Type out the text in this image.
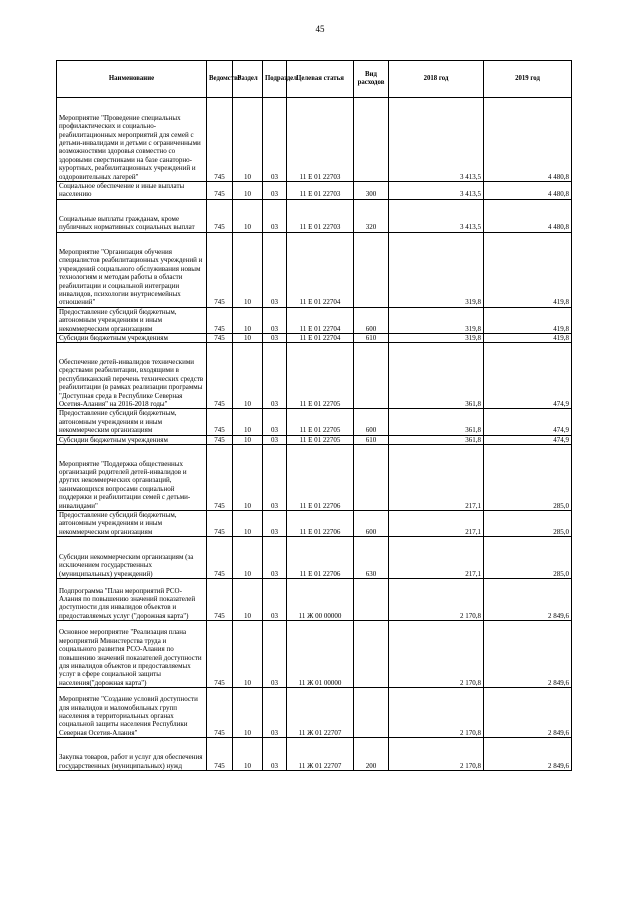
45
Наименование	Ведомство	Раздел	Подраздел	Целевая статья	Вид расходов	2018 год	2019 год
Мероприятие "Проведение специальных профилактических и социально-реабилитационных мероприятий для семей с детьми-инвалидами и детьми с ограниченными возможностями здоровья совместно со здоровыми сверстниками на базе санаторно-курортных, реабилитационных учреждений и оздоровительных лагерей"	745	10	03	11 Е 01 22703		3 413,5	4 480,8
Социальное обеспечение и иные выплаты населению	745	10	03	11 Е 01 22703	300	3 413,5	4 480,8
Социальные выплаты гражданам, кроме публичных нормативных социальных выплат	745	10	03	11 Е 01 22703	320	3 413,5	4 480,8
Мероприятие "Организация обучения специалистов реабилитационных учреждений и учреждений социального обслуживания новым технологиям и методам работы в области реабилитации и социальной интеграции инвалидов, психологии внутрисемейных отношений"	745	10	03	11 Е 01 22704		319,8	419,8
Предоставление субсидий бюджетным, автономным учреждениям и иным некоммерческим организациям	745	10	03	11 Е 01 22704	600	319,8	419,8
Субсидии бюджетным учреждениям	745	10	03	11 Е 01 22704	610	319,8	419,8
Обеспечение детей-инвалидов техническими средствами реабилитации, входящими в республиканский перечень технических средств реабилитации (в рамках реализации программы "Доступная среда в Республике Северная Осетия-Алания" на 2016-2018 годы"	745	10	03	11 Е 01 22705		361,8	474,9
Предоставление субсидий бюджетным, автономным учреждениям и иным некоммерческим организациям	745	10	03	11 Е 01 22705	600	361,8	474,9
Субсидии бюджетным учреждениям	745	10	03	11 Е 01 22705	610	361,8	474,9
Мероприятие "Поддержка общественных организаций родителей детей-инвалидов и других некоммерческих организаций, занимающихся вопросами социальной поддержки и реабилитации семей с детьми-инвалидами"	745	10	03	11 Е 01 22706		217,1	285,0
Предоставление субсидий бюджетным, автономным учреждениям и иным некоммерческим организациям	745	10	03	11 Е 01 22706	600	217,1	285,0
Субсидии некоммерческим организациям (за исключением государственных (муниципальных) учреждений)	745	10	03	11 Е 01 22706	630	217,1	285,0
Подпрограмма "План мероприятий РСО-Алания по повышению значений показателей доступности для инвалидов объектов и предоставляемых услуг ("дорожная карта")	745	10	03	11 Ж 00 00000		2 170,8	2 849,6
Основное мероприятие "Реализация плана мероприятий Министерства труда и социального развития РСО-Алания по повышению значений показателей доступности для инвалидов объектов и предоставляемых услуг в сфере социальной защиты населения("дорожная карта")	745	10	03	11 Ж 01 00000		2 170,8	2 849,6
Мероприятие "Создание условий доступности для инвалидов и маломобильных групп населения в территориальных органах социальной защиты населения Республики Северная Осетия-Алания"	745	10	03	11 Ж 01 22707		2 170,8	2 849,6
Закупка товаров, работ и услуг для обеспечения государственных (муниципальных) нужд	745	10	03	11 Ж 01 22707	200	2 170,8	2 849,6
